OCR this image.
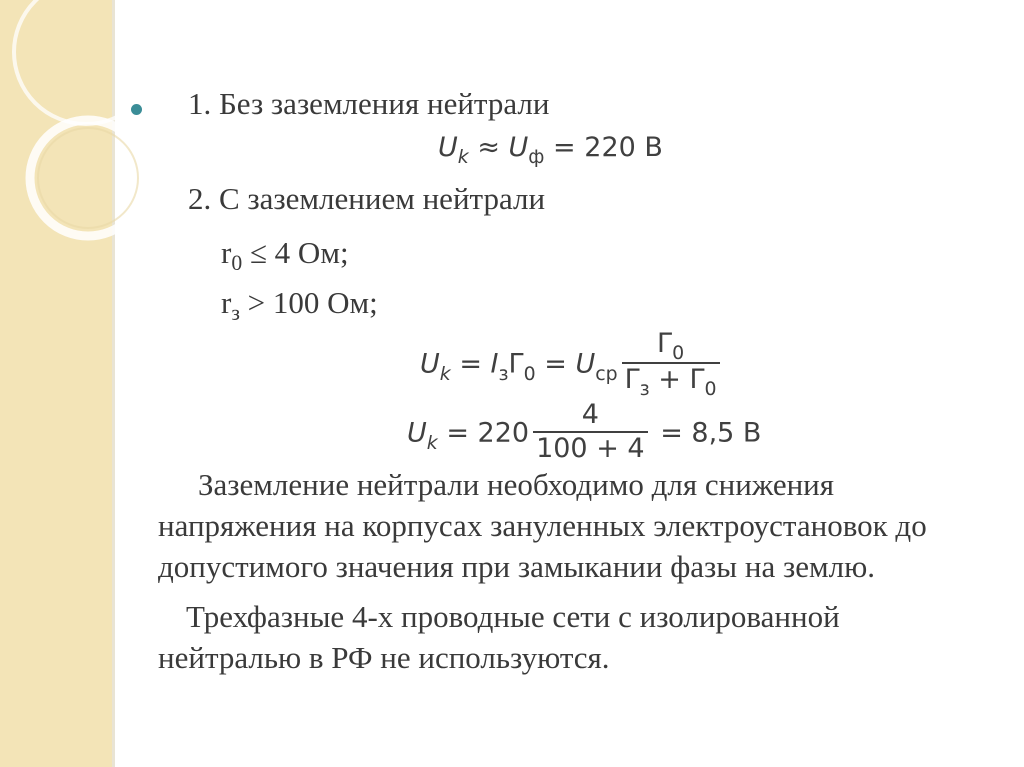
1. Без заземления нейтрали
$U_k \approx U_ф = 220$ В
2. С заземлением нейтрали
$r_0 \le 4$ Ом;
$r_з > 100$ Ом;
$U_k = I_з\Gamma_0 = U_{ср} \frac{\Gamma_0}{\Gamma_з + \Gamma_0}$
$U_k = 220 \frac{4}{100 + 4} = 8,5$ В
Заземление нейтрали необходимо для снижения
напряжения на корпусах зануленных электроустановок до
допустимого значения при замыкании фазы на землю.
Трехфазные 4-х проводные сети с изолированной
нейтралью в РФ не используются.
